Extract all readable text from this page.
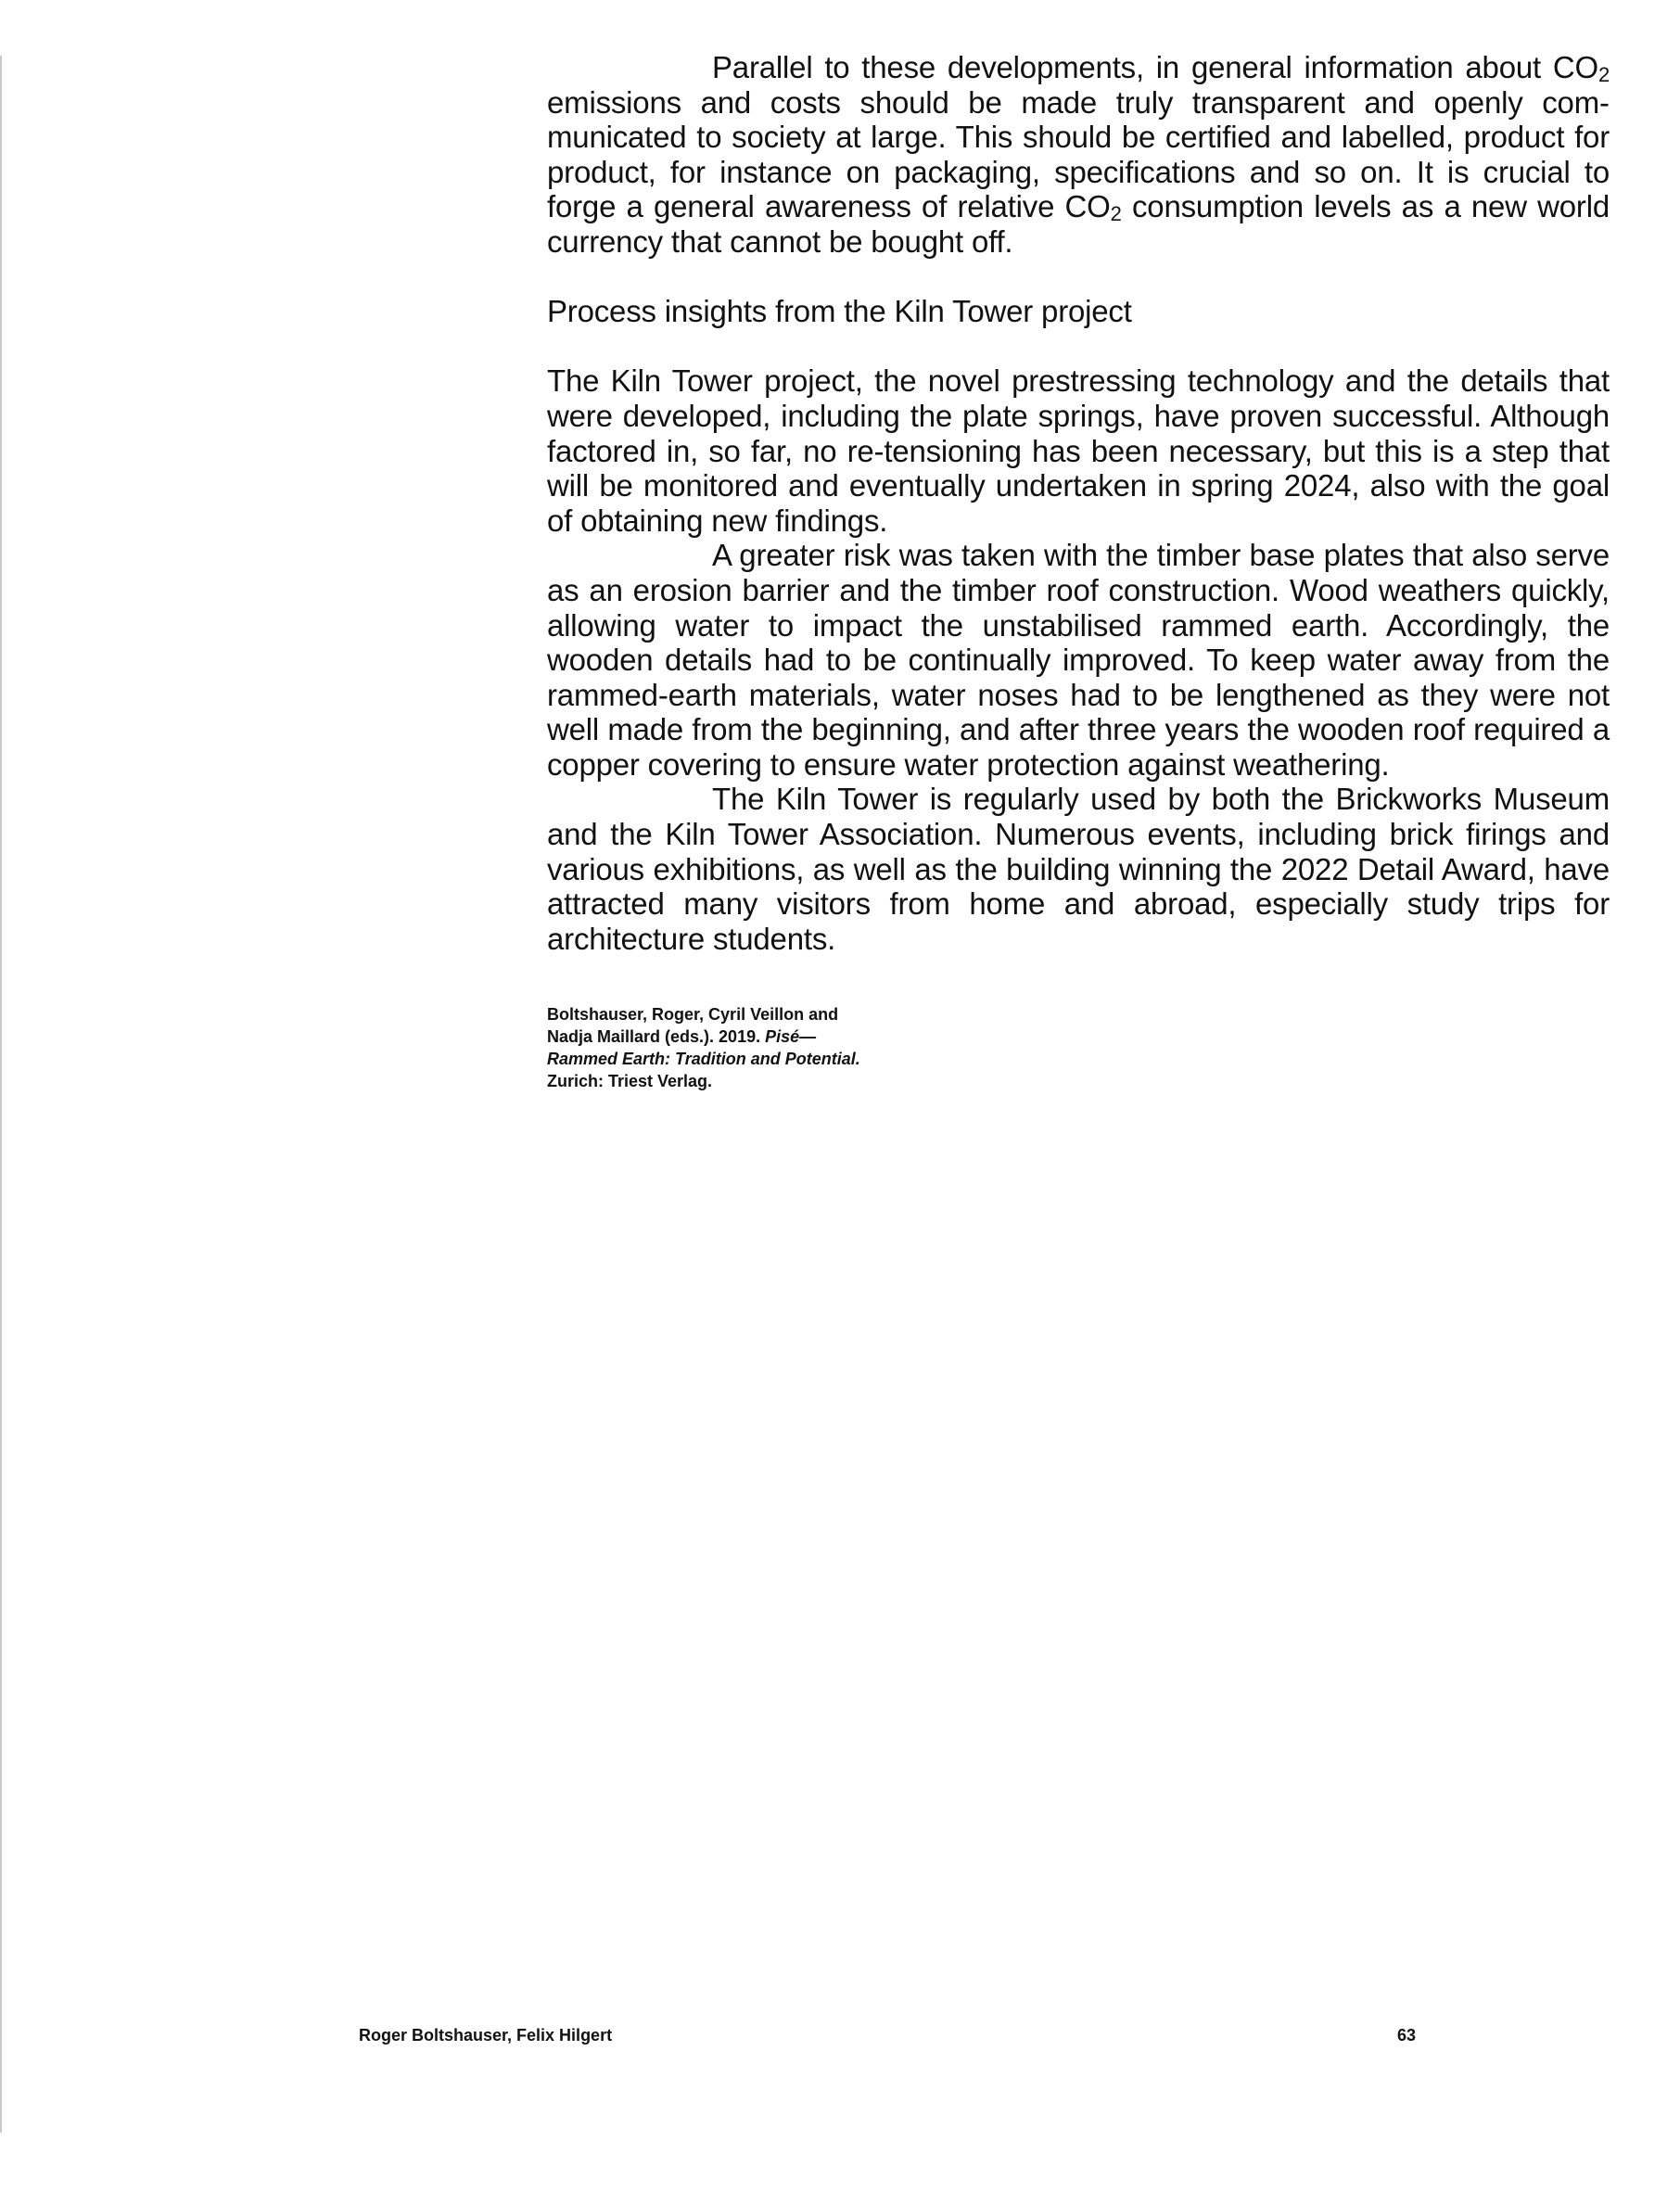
Parallel to these developments, in general information about $CO_2$ emissions and costs should be made truly transparent and openly communicated to society at large. This should be certified and labelled, product for product, for instance on packaging, specifications and so on. It is crucial to forge a general awareness of relative $CO_2$ consumption levels as a new world currency that cannot be bought off.

Process insights from the Kiln Tower project

The Kiln Tower project, the novel prestressing technology and the details that were developed, including the plate springs, have proven successful. Although factored in, so far, no re-tensioning has been necessary, but this is a step that will be monitored and eventually undertaken in spring 2024, also with the goal of obtaining new findings.

A greater risk was taken with the timber base plates that also serve as an erosion barrier and the timber roof construction. Wood weathers quickly, allowing water to impact the unstabilised rammed earth. Accordingly, the wooden details had to be continually improved. To keep water away from the rammed-earth materials, water noses had to be lengthened as they were not well made from the beginning, and after three years the wooden roof required a copper covering to ensure water protection against weathering.

The Kiln Tower is regularly used by both the Brickworks Museum and the Kiln Tower Association. Numerous events, including brick firings and various exhibitions, as well as the building winning the 2022 Detail Award, have attracted many visitors from home and abroad, especially study trips for architecture students.

Boltshauser, Roger, Cyril Veillon and Nadja Maillard (eds.). 2019. Pisé—Rammed Earth: Tradition and Potential. Zurich: Triest Verlag.
Roger Boltshauser, Felix Hilgert	63
